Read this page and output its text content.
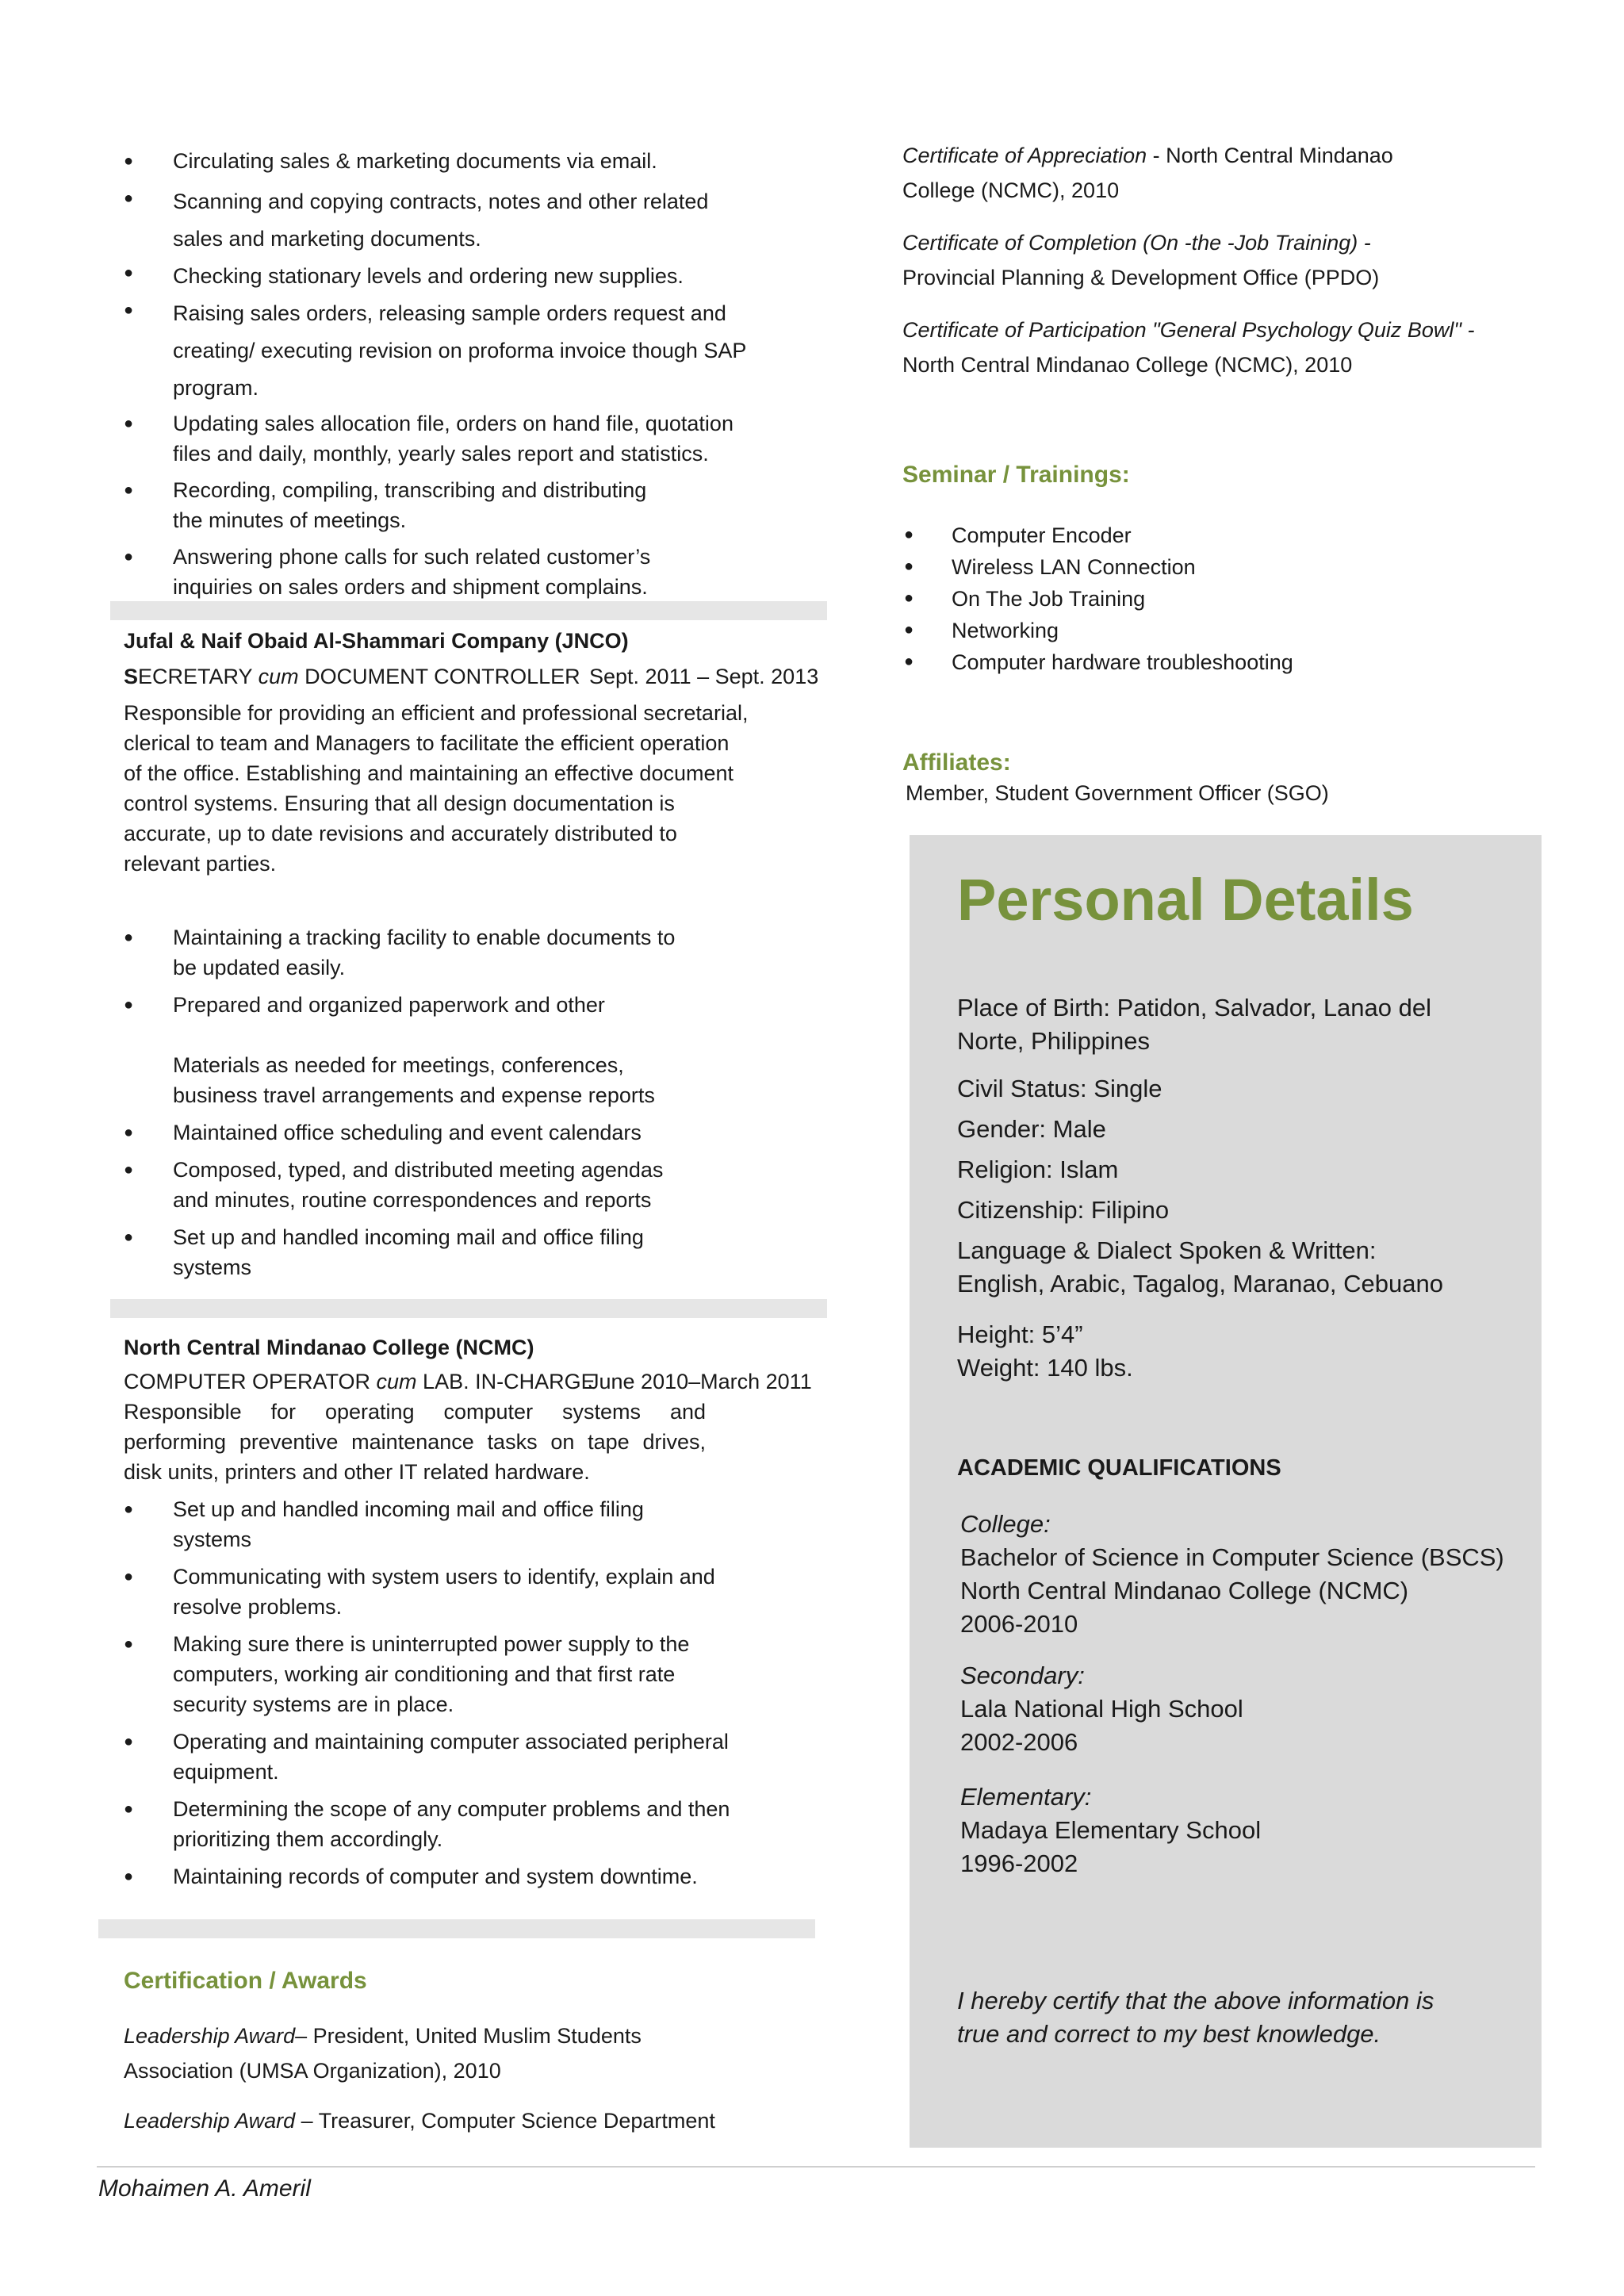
● Circulating sales & marketing documents via email.
● Scanning and copying contracts, notes and other related
sales and marketing documents.
● Checking stationary levels and ordering new supplies.
● Raising sales orders, releasing sample orders request and
creating/ executing revision on proforma invoice though SAP
program.
● Updating sales allocation file, orders on hand file, quotation
files and daily, monthly, yearly sales report and statistics.
● Recording, compiling, transcribing and distributing
the minutes of meetings.
● Answering phone calls for such related customer’s
inquiries on sales orders and shipment complains.
Jufal & Naif Obaid Al-Shammari Company (JNCO)
SECRETARY cum DOCUMENT CONTROLLER Sept. 2011 – Sept. 2013
Responsible for providing an efficient and professional secretarial,
clerical to team and Managers to facilitate the efficient operation
of the office. Establishing and maintaining an effective document
control systems. Ensuring that all design documentation is
accurate, up to date revisions and accurately distributed to
relevant parties.
● Maintaining a tracking facility to enable documents to
be updated easily.
● Prepared and organized paperwork and other

Materials as needed for meetings, conferences,
business travel arrangements and expense reports
● Maintained office scheduling and event calendars
● Composed, typed, and distributed meeting agendas
and minutes, routine correspondences and reports
● Set up and handled incoming mail and office filing
systems
North Central Mindanao College (NCMC)
COMPUTER OPERATOR cum LAB. IN-CHARGE
June 2010–March 2011
Responsible for operating computer systems and
performing preventive maintenance tasks on tape drives,
disk units, printers and other IT related hardware.
● Set up and handled incoming mail and office filing
systems
● Communicating with system users to identify, explain and
resolve problems.
● Making sure there is uninterrupted power supply to the
computers, working air conditioning and that first rate
security systems are in place.
● Operating and maintaining computer associated peripheral
equipment.
● Determining the scope of any computer problems and then
prioritizing them accordingly.
● Maintaining records of computer and system downtime.
Certification / Awards
Leadership Award– President, United Muslim Students
Association (UMSA Organization), 2010
Leadership Award – Treasurer, Computer Science Department
Certificate of Appreciation - North Central Mindanao
College (NCMC), 2010
Certificate of Completion (On -the -Job Training) -
Provincial Planning & Development Office (PPDO)
Certificate of Participation "General Psychology Quiz Bowl" -
North Central Mindanao College (NCMC), 2010
Seminar / Trainings:
● Computer Encoder
● Wireless LAN Connection
● On The Job Training
● Networking
● Computer hardware troubleshooting
Affiliates:
Member, Student Government Officer (SGO)
Personal Details
Place of Birth: Patidon, Salvador, Lanao del
Norte, Philippines
Civil Status: Single
Gender: Male
Religion: Islam
Citizenship: Filipino
Language & Dialect Spoken & Written:
English, Arabic, Tagalog, Maranao, Cebuano
Height: 5’4”
Weight: 140 lbs.
ACADEMIC QUALIFICATIONS
College:
Bachelor of Science in Computer Science (BSCS)
North Central Mindanao College (NCMC)
2006-2010
Secondary:
Lala National High School
2002-2006
Elementary:
Madaya Elementary School
1996-2002
I hereby certify that the above information is
true and correct to my best knowledge.
Mohaimen A. Ameril
